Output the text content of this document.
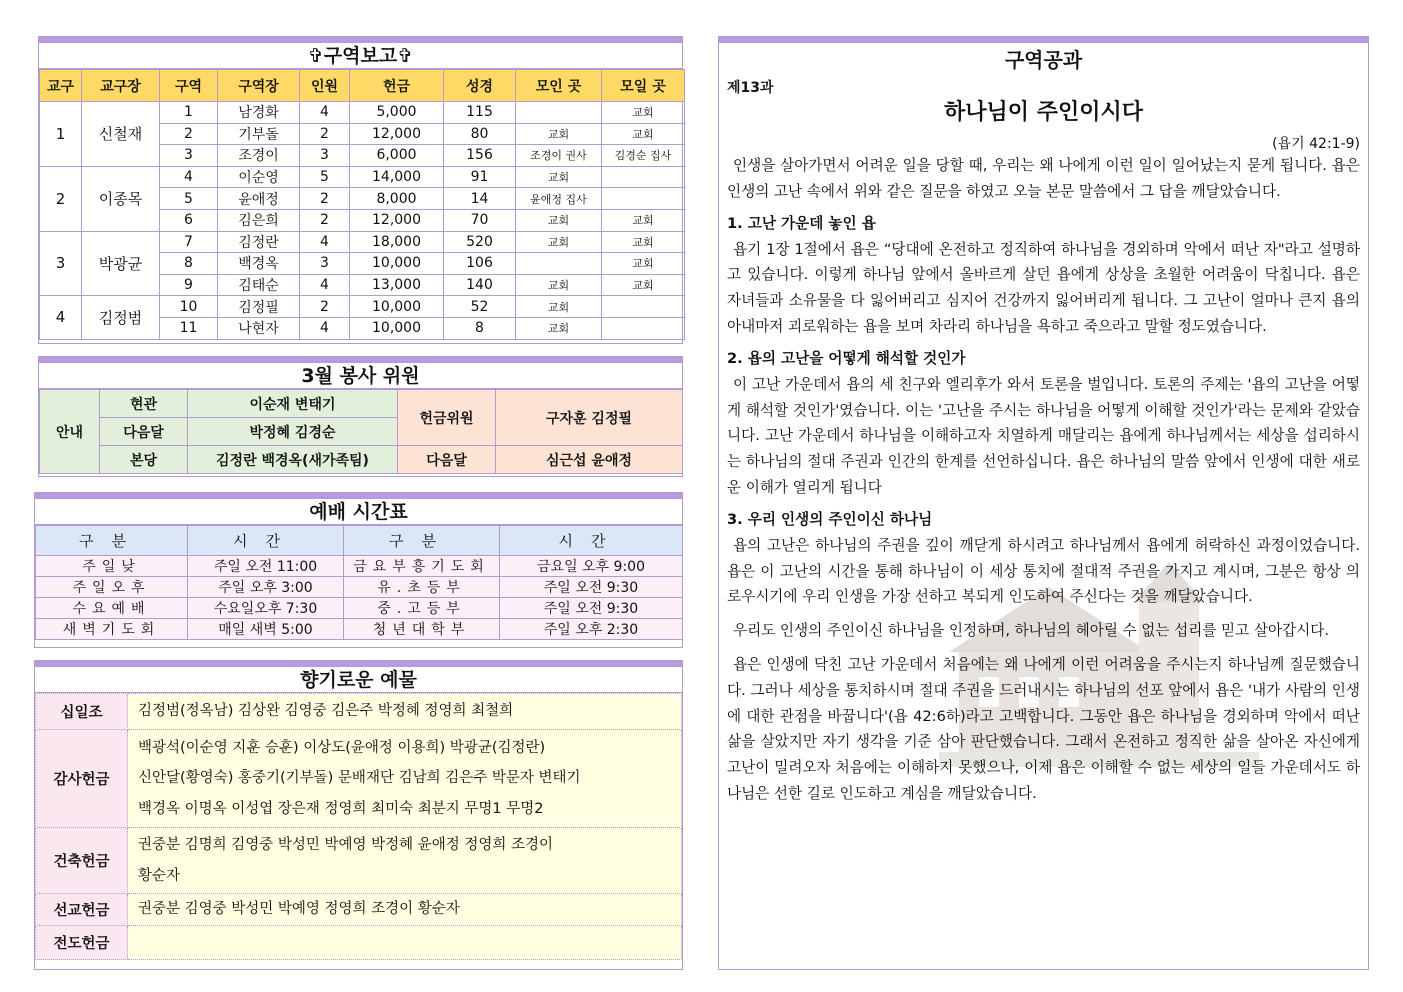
✞구역보고✞
교구	교구장	구역	구역장	인원	헌금	성경	모인 곳	모일 곳
1	신철재	1	남경화	4	5,000	115		교회
		2	기부돌	2	12,000	80	교회	교회
		3	조경이	3	6,000	156	조경이 권사	김경순 집사
2	이종목	4	이순영	5	14,000	91	교회	
		5	윤애정	2	8,000	14	윤애정 집사	
		6	김은희	2	12,000	70	교회	교회
3	박광균	7	김정란	4	18,000	520	교회	교회
		8	백경옥	3	10,000	106		교회
		9	김태순	4	13,000	140	교회	교회
4	김정범	10	김정필	2	10,000	52	교회	
		11	나현자	4	10,000	8	교회	
3월 봉사 위원
안내	현관	이순재 변태기	헌금위원	구자훈 김정필
	다음달	박정혜 김경순		
	본당	김정란 백경옥(새가족팀)	다음달	심근섭 윤애정
예배 시간표
구분	시간	구분	시간
주일낮	주일 오전 11:00	금요부흥기도회	금요일 오후 9:00
주일오후	주일 오후 3:00	유.초등부	주일 오전 9:30
수요예배	수요일오후 7:30	중.고등부	주일 오전 9:30
새벽기도회	매일 새벽 5:00	청년대학부	주일 오후 2:30
향기로운 예물
십일조	김정범(정옥남) 김상완 김영중 김은주 박정혜 정영희 최철희

감사헌금	백광석(이순영 지훈 승훈) 이상도(윤애정 이용희) 박광균(김정란)
신안달(황영숙) 홍중기(기부돌) 문배재단 김남희 김은주 박문자 변태기
백경옥 이명옥 이성엽 장은재 정영희 최미숙 최분지 무명1 무명2

건축헌금	권중분 김명희 김영중 박성민 박예영 박정혜 윤애정 정영희 조경이
황순자

선교헌금	권중분 김영중 박성민 박예영 정영희 조경이 황순자

전도헌금	
구역공과
제13과
하나님이 주인이시다
(욥기 42:1-9)

인생을 살아가면서 어려운 일을 당할 때, 우리는 왜 나에게 이런 일이 일어났는지 묻게 됩니다. 욥은 인생의 고난 속에서 위와 같은 질문을 하였고 오늘 본문 말씀에서 그 답을 깨달았습니다.

1. 고난 가운데 놓인 욥

욥기 1장 1절에서 욥은 “당대에 온전하고 정직하여 하나님을 경외하며 악에서 떠난 자"라고 설명하고 있습니다. 이렇게 하나님 앞에서 올바르게 살던 욥에게 상상을 초월한 어려움이 닥칩니다. 욥은 자녀들과 소유물을 다 잃어버리고 심지어 건강까지 잃어버리게 됩니다. 그 고난이 얼마나 큰지 욥의 아내마저 괴로워하는 욥을 보며 차라리 하나님을 욕하고 죽으라고 말할 정도였습니다.

2. 욥의 고난을 어떻게 해석할 것인가

이 고난 가운데서 욥의 세 친구와 엘리후가 와서 토론을 벌입니다. 토론의 주제는 '욥의 고난을 어떻게 해석할 것인가'였습니다. 이는 '고난을 주시는 하나님을 어떻게 이해할 것인가'라는 문제와 같았습니다. 고난 가운데서 하나님을 이해하고자 치열하게 매달리는 욥에게 하나님께서는 세상을 섭리하시는 하나님의 절대 주권과 인간의 한계를 선언하십니다. 욥은 하나님의 말씀 앞에서 인생에 대한 새로운 이해가 열리게 됩니다

3. 우리 인생의 주인이신 하나님

욥의 고난은 하나님의 주권을 깊이 깨닫게 하시려고 하나님께서 욥에게 허락하신 과정이었습니다. 욥은 이 고난의 시간을 통해 하나님이 이 세상 통치에 절대적 주권을 가지고 계시며, 그분은 항상 의로우시기에 우리 인생을 가장 선하고 복되게 인도하여 주신다는 것을 깨달았습니다.

우리도 인생의 주인이신 하나님을 인정하며, 하나님의 헤아릴 수 없는 섭리를 믿고 살아갑시다.

욥은 인생에 닥친 고난 가운데서 처음에는 왜 나에게 이런 어려움을 주시는지 하나님께 질문했습니다. 그러나 세상을 통치하시며 절대 주권을 드러내시는 하나님의 선포 앞에서 욥은 '내가 사람의 인생에 대한 관점을 바꿉니다'(욥 42:6하)라고 고백합니다. 그동안 욥은 하나님을 경외하며 악에서 떠난 삶을 살았지만 자기 생각을 기준 삼아 판단했습니다. 그래서 온전하고 정직한 삶을 살아온 자신에게 고난이 밀려오자 처음에는 이해하지 못했으나, 이제 욥은 이해할 수 없는 세상의 일들 가운데서도 하나님은 선한 길로 인도하고 계심을 깨달았습니다.
